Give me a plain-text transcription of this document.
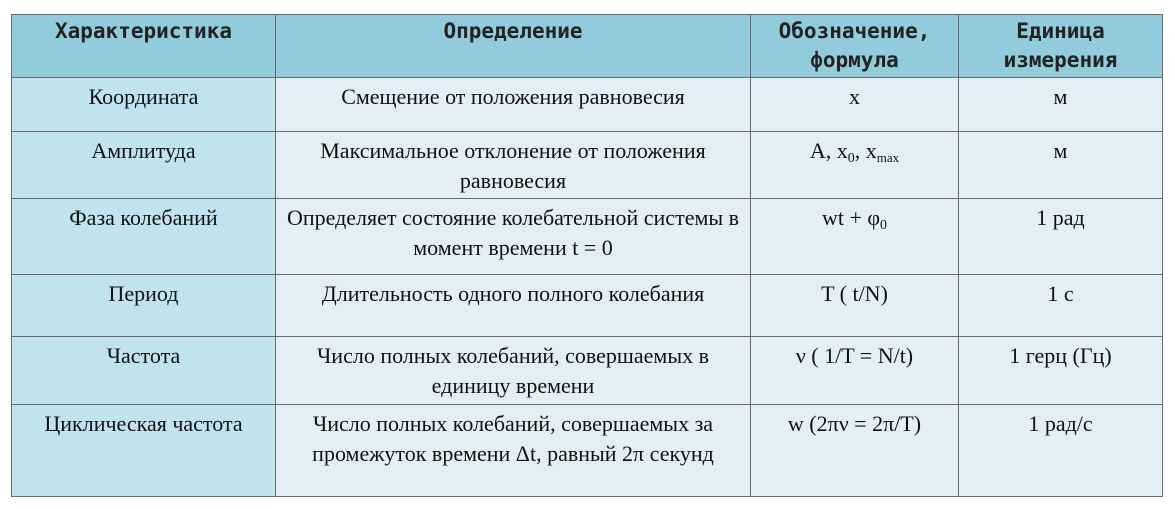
Характеристика	Определение	Обозначение, формула	Единица измерения
Координата	Смещение от положения равновесия	x	м
Амплитуда	Максимальное отклонение от положения равновесия	A, $x_0$, xmax	м
Фаза колебаний	Определяет состояние колебательной системы в момент времени t = 0	wt + $\varphi_0$	1 рад
Период	Длительность одного полного колебания	T ( t/N)	1 с
Частота	Число полных колебаний, совершаемых в единицу времени	ν ( 1/T = N/t)	1 герц (Гц)
Циклическая частота	Число полных колебаний, совершаемых за промежуток времени Δt, равный 2π секунд	w (2πν = 2π/T)	1 рад/с
